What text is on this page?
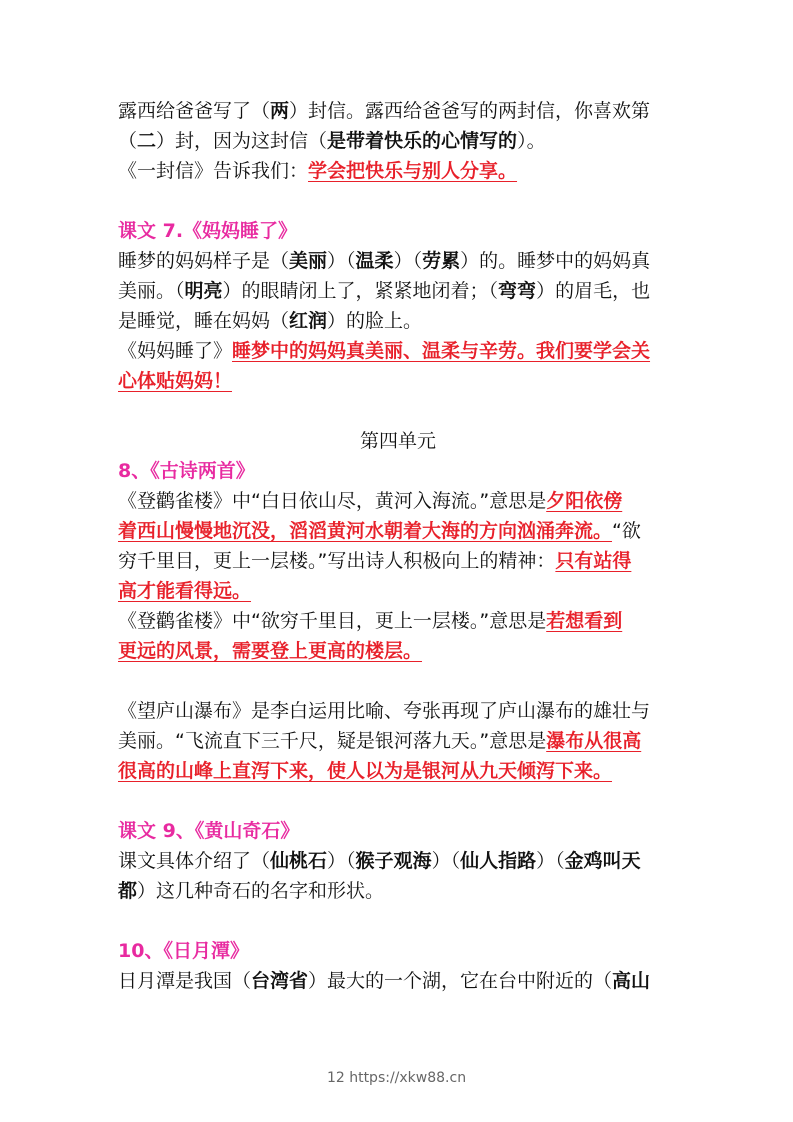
露西给爸爸写了（两）封信。露西给爸爸写的两封信，你喜欢第
（二）封，因为这封信（是带着快乐的心情写的）。
《一封信》告诉我们：学会把快乐与别人分享。
课文 7.《妈妈睡了》
睡梦的妈妈样子是（美丽）（温柔）（劳累）的。睡梦中的妈妈真
美丽。（明亮）的眼睛闭上了，紧紧地闭着；（弯弯）的眉毛，也
是睡觉，睡在妈妈（红润）的脸上。
《妈妈睡了》睡梦中的妈妈真美丽、温柔与辛劳。我们要学会关
心体贴妈妈！
第四单元
8、《古诗两首》
《登鹳雀楼》中“白日依山尽，黄河入海流。”意思是夕阳依傍
着西山慢慢地沉没，滔滔黄河水朝着大海的方向汹涌奔流。“欲
穷千里目，更上一层楼。”写出诗人积极向上的精神：只有站得
高才能看得远。
《登鹳雀楼》中“欲穷千里目，更上一层楼。”意思是若想看到
更远的风景，需要登上更高的楼层。
《望庐山瀑布》是李白运用比喻、夸张再现了庐山瀑布的雄壮与
美丽。“飞流直下三千尺，疑是银河落九天。”意思是瀑布从很高
很高的山峰上直泻下来，使人以为是银河从九天倾泻下来。
课文 9、《黄山奇石》
课文具体介绍了（仙桃石）（猴子观海）（仙人指路）（金鸡叫天
都）这几种奇石的名字和形状。
10、《日月潭》
日月潭是我国（台湾省）最大的一个湖，它在台中附近的（高山
12 https://xkw88.cn
